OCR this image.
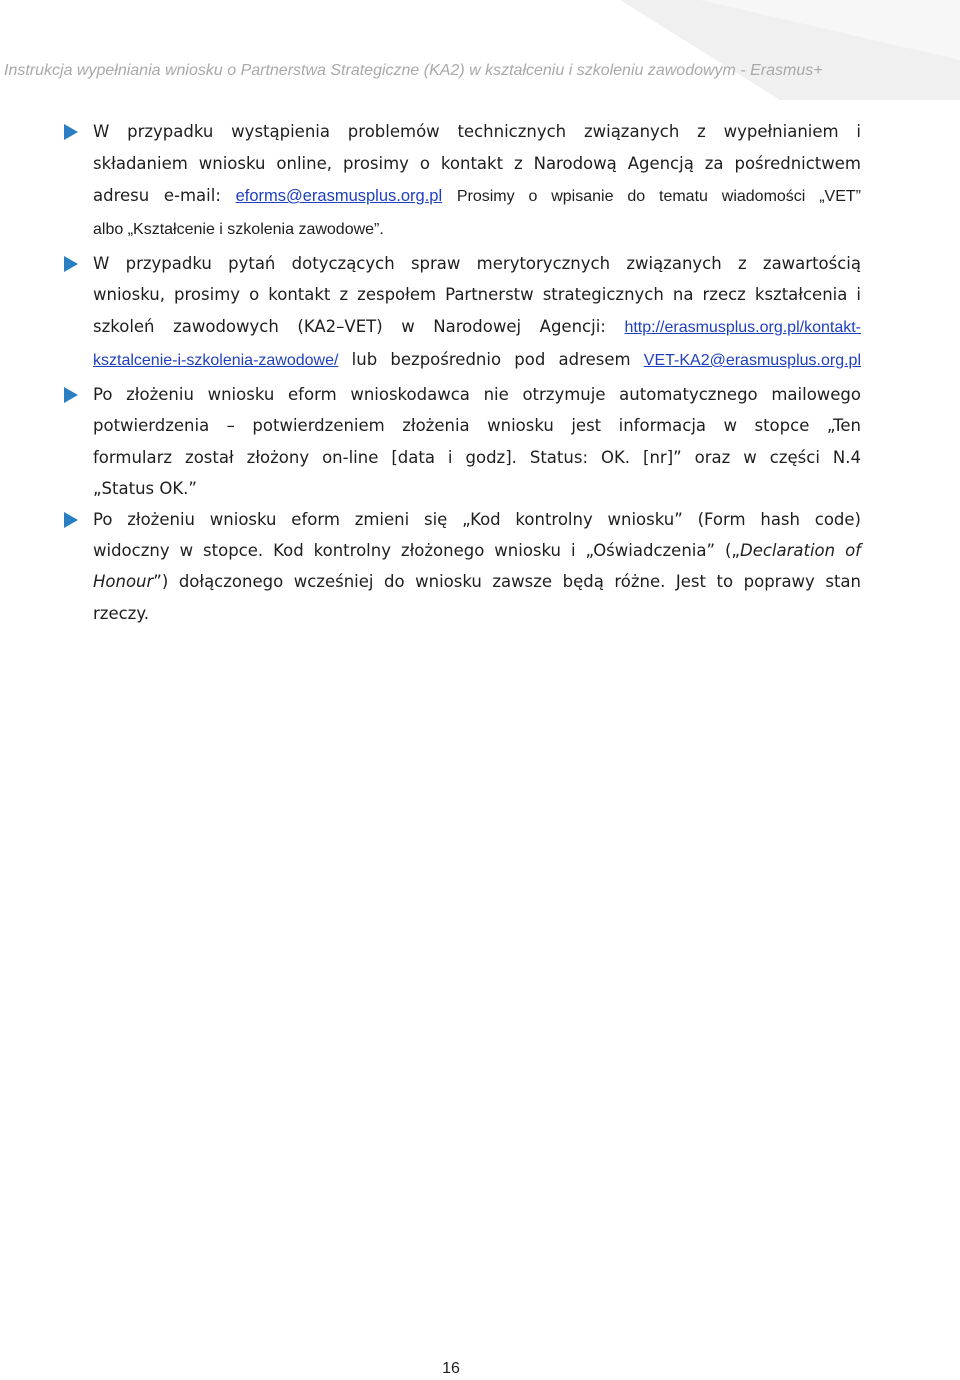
Instrukcja wypełniania wniosku o Partnerstwa Strategiczne (KA2) w kształceniu i szkoleniu zawodowym - Erasmus+
W przypadku wystąpienia problemów technicznych związanych z wypełnianiem i
składaniem wniosku online, prosimy o kontakt z Narodową Agencją za pośrednictwem
adresu e-mail: eforms@erasmusplus.org.pl Prosimy o wpisanie do tematu wiadomości „VET”
albo „Kształcenie i szkolenia zawodowe”.
W przypadku pytań dotyczących spraw merytorycznych związanych z zawartością
wniosku, prosimy o kontakt z zespołem Partnerstw strategicznych na rzecz kształcenia i
szkoleń zawodowych (KA2–VET) w Narodowej Agencji: http://erasmusplus.org.pl/kontakt-
ksztalcenie-i-szkolenia-zawodowe/ lub bezpośrednio pod adresem VET-KA2@erasmusplus.org.pl
Po złożeniu wniosku eform wnioskodawca nie otrzymuje automatycznego mailowego
potwierdzenia – potwierdzeniem złożenia wniosku jest informacja w stopce „Ten
formularz został złożony on-line [data i godz]. Status: OK. [nr]” oraz w części N.4
„Status OK.”
Po złożeniu wniosku eform zmieni się „Kod kontrolny wniosku” (Form hash code)
widoczny w stopce. Kod kontrolny złożonego wniosku i „Oświadczenia” („Declaration of
Honour”) dołączonego wcześniej do wniosku zawsze będą różne. Jest to poprawy stan
rzeczy.
16
